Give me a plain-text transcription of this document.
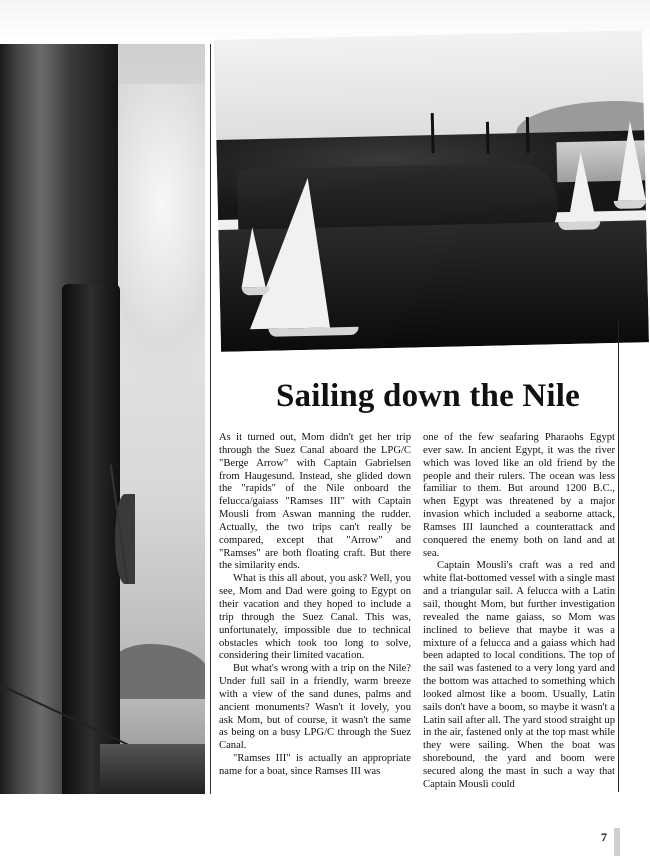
Sailing down the Nile

As it turned out, Mom didn't get her trip through the Suez Canal aboard the LPG/C "Berge Arrow" with Captain Gabrielsen from Haugesund. Instead, she glided down the "rapids" of the Nile onboard the felucca/gaiass "Ramses III" with Captain Mousli from Aswan manning the rudder. Actually, the two trips can't really be compared, except that "Arrow" and "Ramses" are both floating craft. But there the similarity ends.

What is this all about, you ask? Well, you see, Mom and Dad were going to Egypt on their vacation and they hoped to include a trip through the Suez Canal. This was, unfortunately, impossible due to technical obstacles which took too long to solve, considering their limited vacation.

But what's wrong with a trip on the Nile? Under full sail in a friendly, warm breeze with a view of the sand dunes, palms and ancient monuments? Wasn't it lovely, you ask Mom, but of course, it wasn't the same as being on a busy LPG/C through the Suez Canal.

"Ramses III" is actually an appropriate name for a boat, since Ramses III was

one of the few seafaring Pharaohs Egypt ever saw. In ancient Egypt, it was the river which was loved like an old friend by the people and their rulers. The ocean was less familiar to them. But around 1200 B.C., when Egypt was threatened by a major invasion which included a seaborne attack, Ramses III launched a counterattack and conquered the enemy both on land and at sea.

Captain Mousli's craft was a red and white flat-bottomed vessel with a single mast and a triangular sail. A felucca with a Latin sail, thought Mom, but further investigation revealed the name gaiass, so Mom was inclined to believe that maybe it was a mixture of a felucca and a gaiass which had been adapted to local conditions. The top of the sail was fastened to a very long yard and the bottom was attached to something which looked almost like a boom. Usually, Latin sails don't have a boom, so maybe it wasn't a Latin sail after all. The yard stood straight up in the air, fastened only at the top mast while they were sailing. When the boat was shorebound, the yard and boom were secured along the mast in such a way that Captain Mousli could

7
